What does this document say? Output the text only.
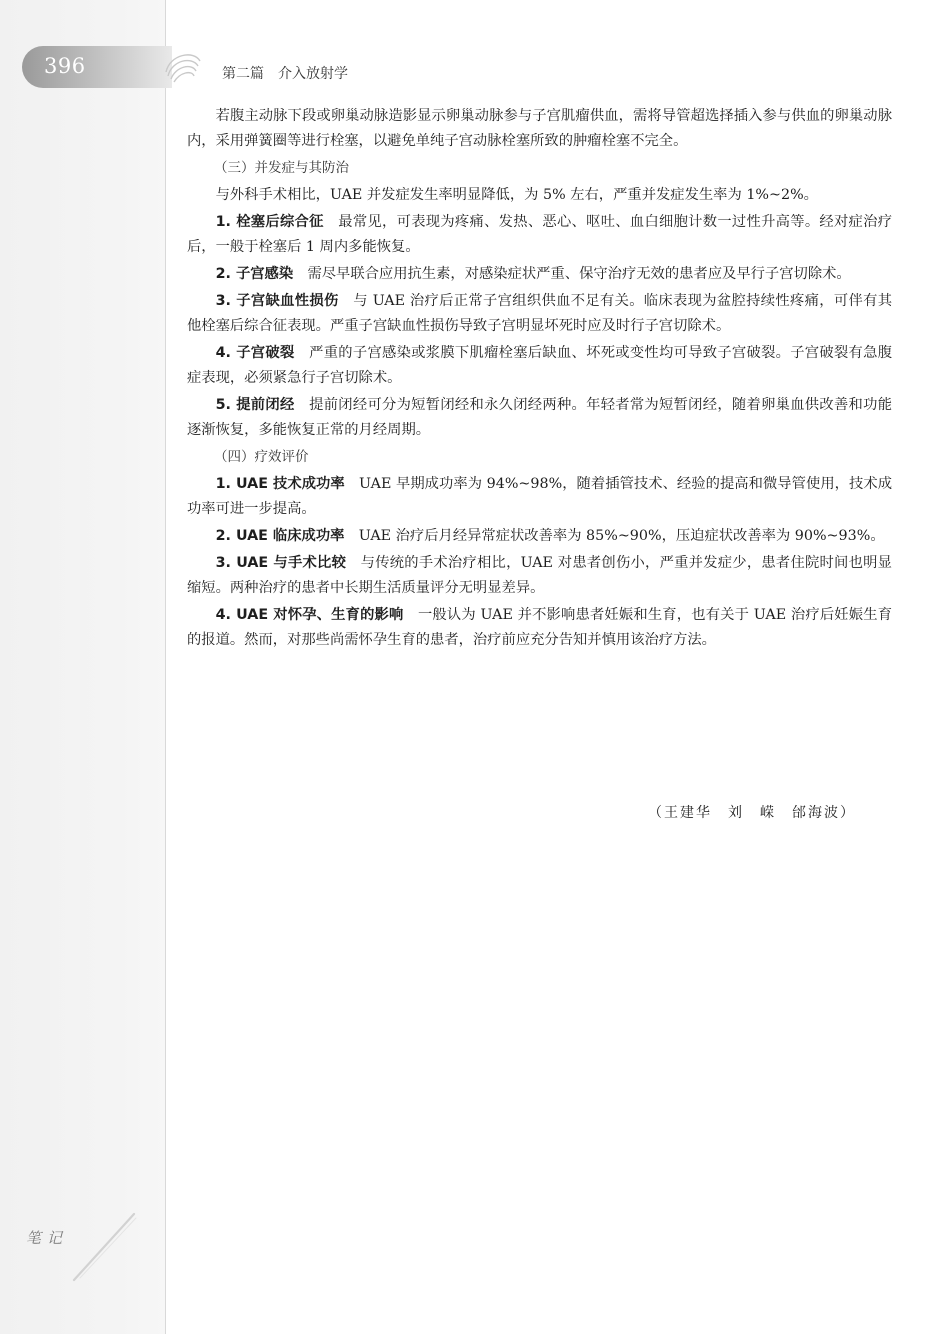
396	第二篇　介入放射学

若腹主动脉下段或卵巢动脉造影显示卵巢动脉参与子宫肌瘤供血，需将导管超选择插入参与供血的卵巢动脉内，采用弹簧圈等进行栓塞，以避免单纯子宫动脉栓塞所致的肿瘤栓塞不完全。

（三）并发症与其防治

与外科手术相比，UAE 并发症发生率明显降低，为 5% 左右，严重并发症发生率为 1%~2%。

1. 栓塞后综合征 最常见，可表现为疼痛、发热、恶心、呕吐、血白细胞计数一过性升高等。经对症治疗后，一般于栓塞后 1 周内多能恢复。

2. 子宫感染 需尽早联合应用抗生素，对感染症状严重、保守治疗无效的患者应及早行子宫切除术。

3. 子宫缺血性损伤 与 UAE 治疗后正常子宫组织供血不足有关。临床表现为盆腔持续性疼痛，可伴有其他栓塞后综合征表现。严重子宫缺血性损伤导致子宫明显坏死时应及时行子宫切除术。

4. 子宫破裂 严重的子宫感染或浆膜下肌瘤栓塞后缺血、坏死或变性均可导致子宫破裂。子宫破裂有急腹症表现，必须紧急行子宫切除术。

5. 提前闭经 提前闭经可分为短暂闭经和永久闭经两种。年轻者常为短暂闭经，随着卵巢血供改善和功能逐渐恢复，多能恢复正常的月经周期。

（四）疗效评价

1. UAE 技术成功率 UAE 早期成功率为 94%~98%，随着插管技术、经验的提高和微导管使用，技术成功率可进一步提高。

2. UAE 临床成功率 UAE 治疗后月经异常症状改善率为 85%~90%，压迫症状改善率为 90%~93%。

3. UAE 与手术比较 与传统的手术治疗相比，UAE 对患者创伤小，严重并发症少，患者住院时间也明显缩短。两种治疗的患者中长期生活质量评分无明显差异。

4. UAE 对怀孕、生育的影响 一般认为 UAE 并不影响患者妊娠和生育，也有关于 UAE 治疗后妊娠生育的报道。然而，对那些尚需怀孕生育的患者，治疗前应充分告知并慎用该治疗方法。

（王建华　刘　嵘　邰海波）
笔记
